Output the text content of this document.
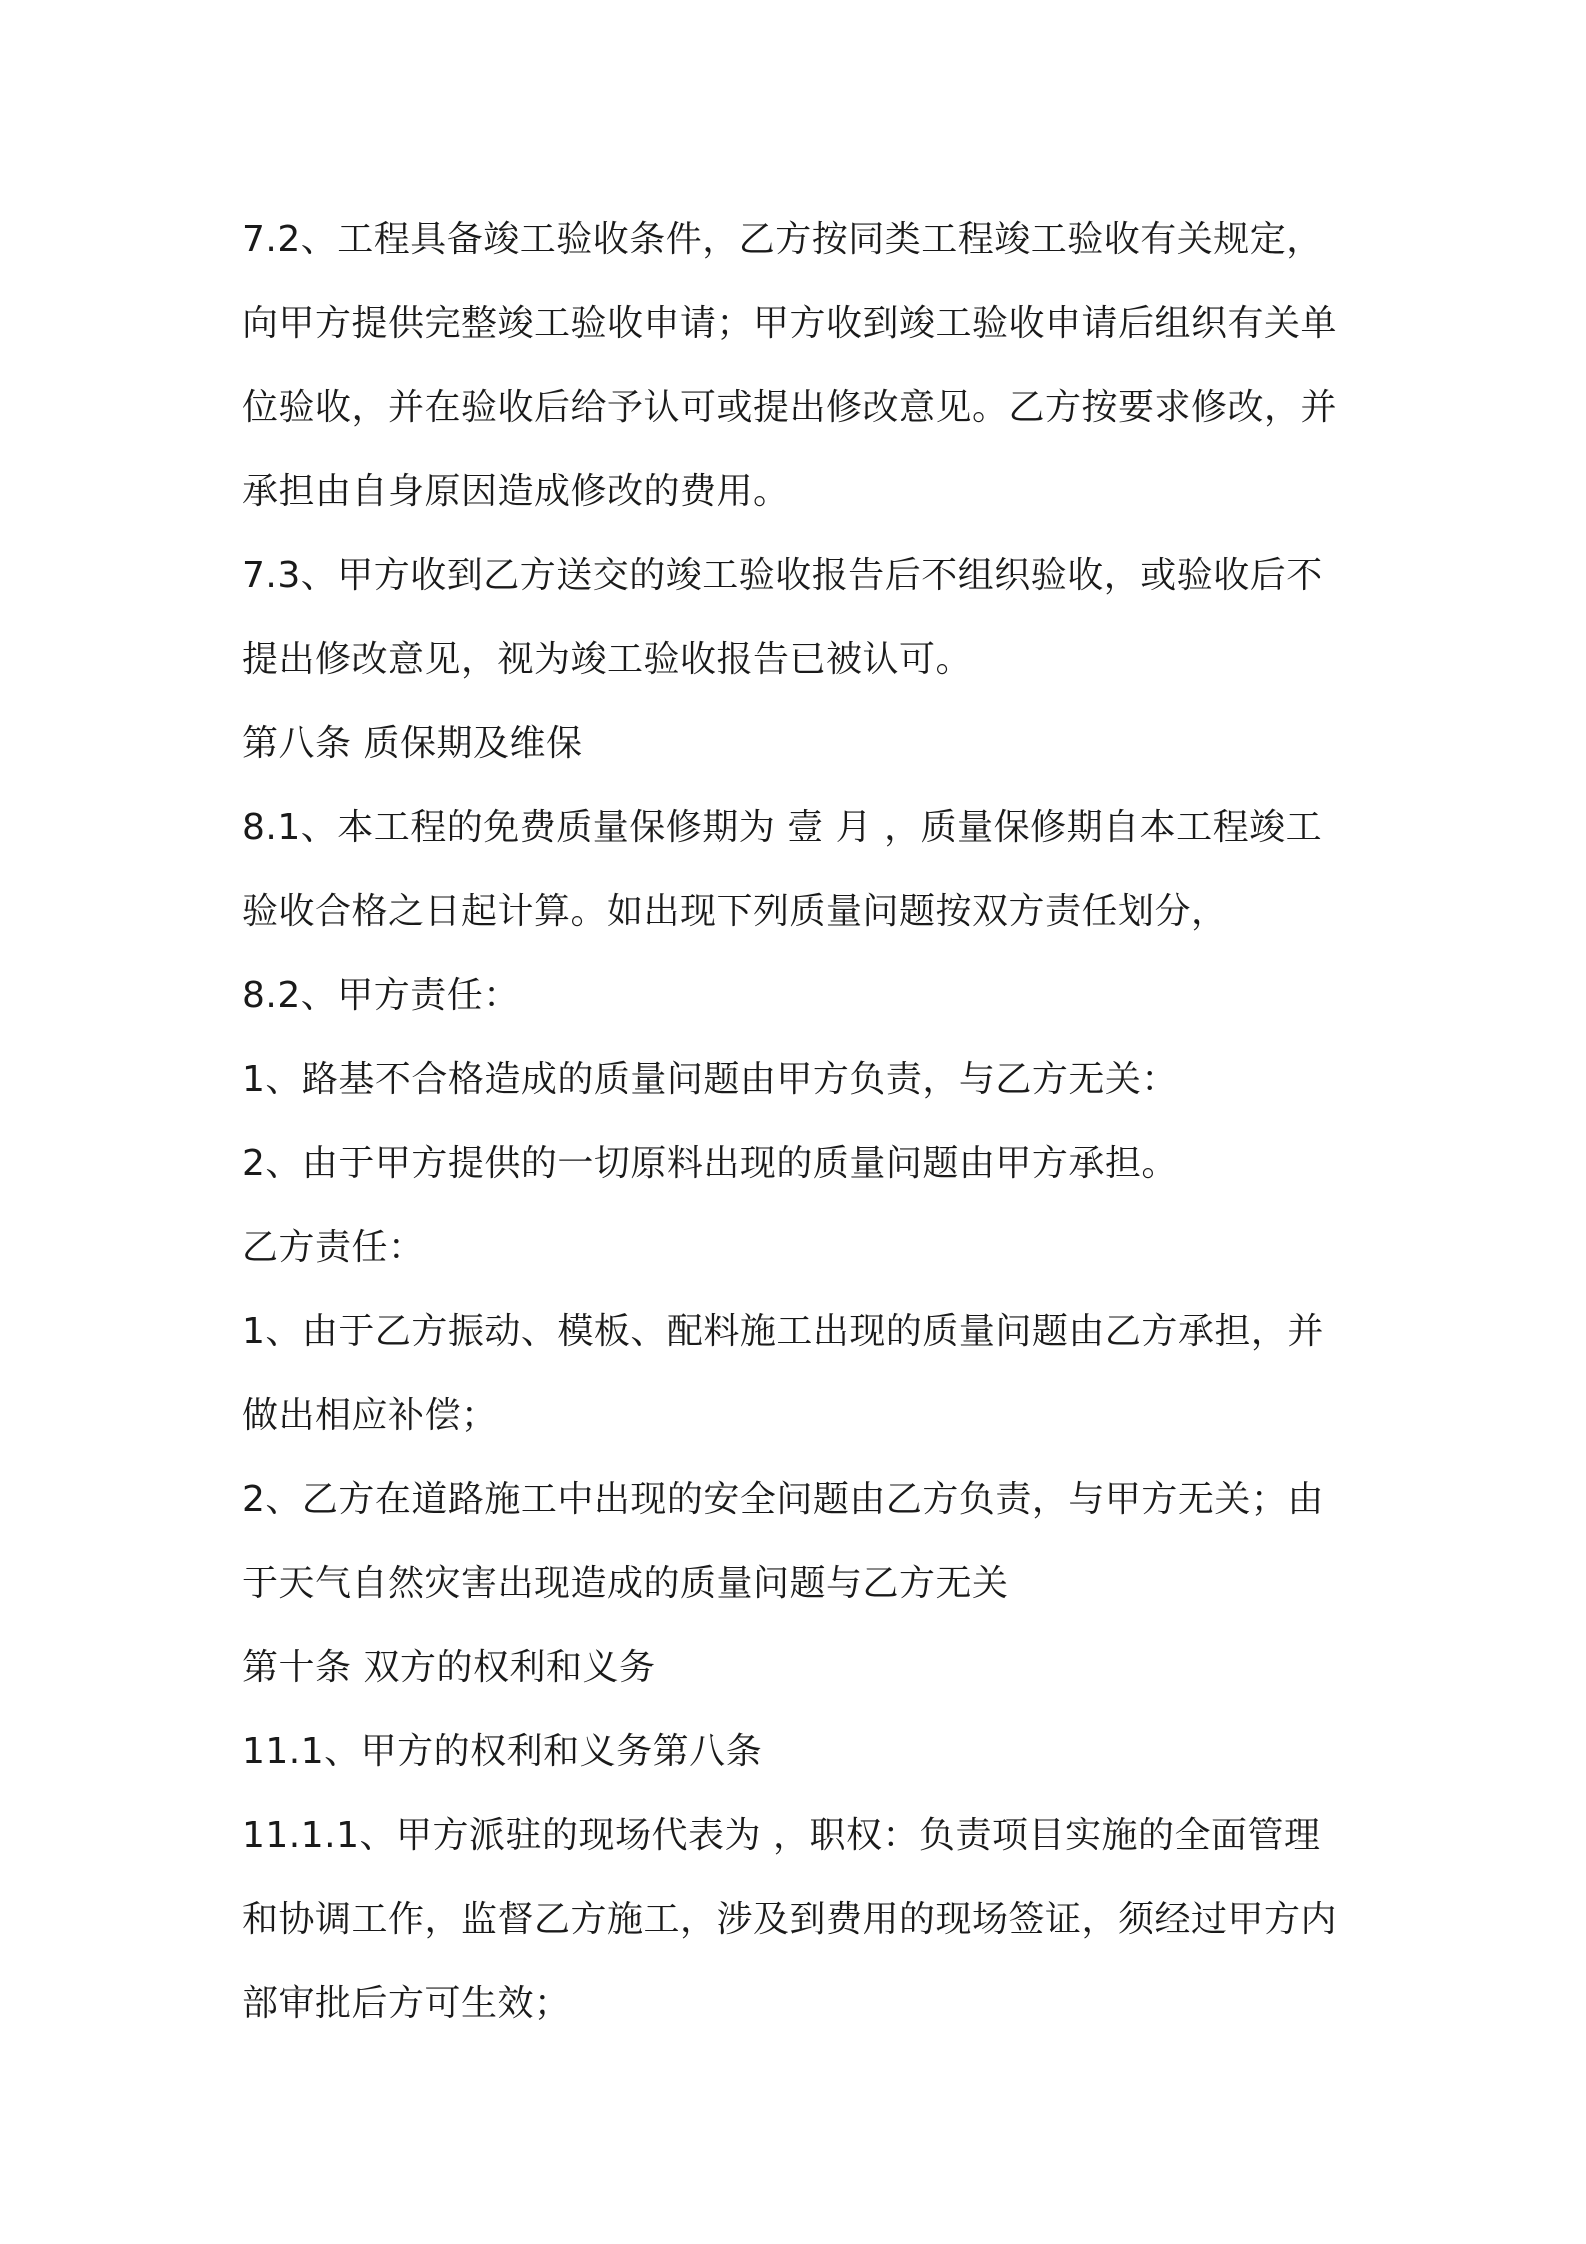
7.2、工程具备竣工验收条件，乙方按同类工程竣工验收有关规定，
向甲方提供完整竣工验收申请；甲方收到竣工验收申请后组织有关单
位验收，并在验收后给予认可或提出修改意见。乙方按要求修改，并
承担由自身原因造成修改的费用。
7.3、甲方收到乙方送交的竣工验收报告后不组织验收，或验收后不
提出修改意见，视为竣工验收报告已被认可。
第八条 质保期及维保
8.1、本工程的免费质量保修期为 壹 月 ，质量保修期自本工程竣工
验收合格之日起计算。如出现下列质量问题按双方责任划分，
8.2、甲方责任：
1、路基不合格造成的质量问题由甲方负责，与乙方无关：
2、由于甲方提供的一切原料出现的质量问题由甲方承担。
乙方责任：
1、由于乙方振动、模板、配料施工出现的质量问题由乙方承担，并
做出相应补偿；
2、乙方在道路施工中出现的安全问题由乙方负责，与甲方无关；由
于天气自然灾害出现造成的质量问题与乙方无关
第十条 双方的权利和义务
11.1、甲方的权利和义务第八条
11.1.1、甲方派驻的现场代表为 ，职权：负责项目实施的全面管理
和协调工作，监督乙方施工，涉及到费用的现场签证，须经过甲方内
部审批后方可生效；
